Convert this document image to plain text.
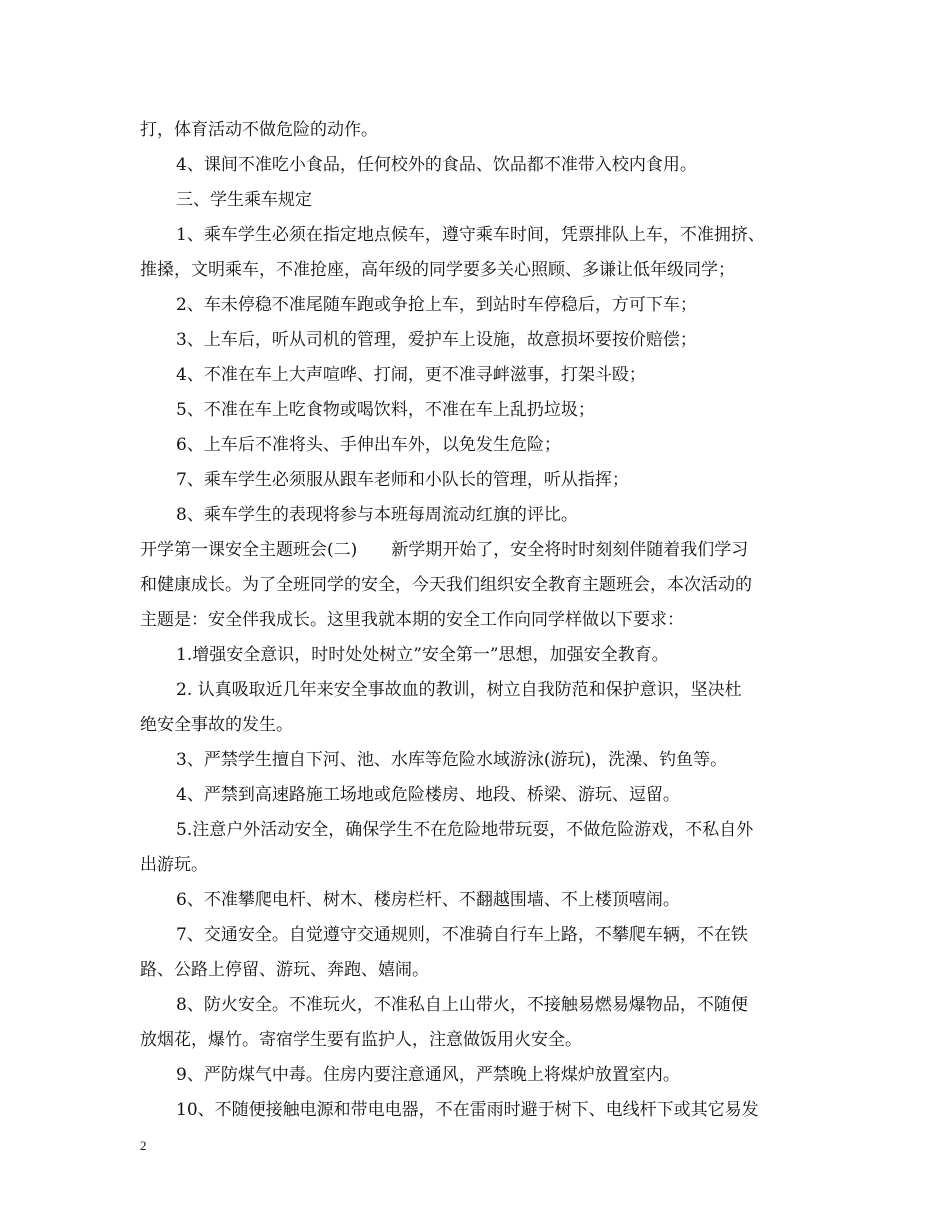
打，体育活动不做危险的动作。
4、课间不准吃小食品，任何校外的食品、饮品都不准带入校内食用。
三、学生乘车规定
1、乘车学生必须在指定地点候车，遵守乘车时间，凭票排队上车，不准拥挤、
推搡，文明乘车，不准抢座，高年级的同学要多关心照顾、多谦让低年级同学；
2、车未停稳不准尾随车跑或争抢上车，到站时车停稳后，方可下车；
3、上车后，听从司机的管理，爱护车上设施，故意损坏要按价赔偿；
4、不准在车上大声喧哗、打闹，更不准寻衅滋事，打架斗殴；
5、不准在车上吃食物或喝饮料，不准在车上乱扔垃圾；
6、上车后不准将头、手伸出车外，以免发生危险；
7、乘车学生必须服从跟车老师和小队长的管理，听从指挥；
8、乘车学生的表现将参与本班每周流动红旗的评比。
开学第一课安全主题班会(二)　　新学期开始了，安全将时时刻刻伴随着我们学习
和健康成长。为了全班同学的安全，今天我们组织安全教育主题班会，本次活动的
主题是：安全伴我成长。这里我就本期的安全工作向同学样做以下要求：
1.增强安全意识，时时处处树立”安全第一”思想，加强安全教育。
2. 认真吸取近几年来安全事故血的教训，树立自我防范和保护意识，坚决杜
绝安全事故的发生。
3、严禁学生擅自下河、池、水库等危险水域游泳(游玩)，洗澡、钓鱼等。
4、严禁到高速路施工场地或危险楼房、地段、桥梁、游玩、逗留。
5.注意户外活动安全，确保学生不在危险地带玩耍，不做危险游戏，不私自外
出游玩。
6、不准攀爬电杆、树木、楼房栏杆、不翻越围墙、不上楼顶嘻闹。
7、交通安全。自觉遵守交通规则，不准骑自行车上路，不攀爬车辆，不在铁
路、公路上停留、游玩、奔跑、嬉闹。
8、防火安全。不准玩火，不准私自上山带火，不接触易燃易爆物品，不随便
放烟花，爆竹。寄宿学生要有监护人，注意做饭用火安全。
9、严防煤气中毒。住房内要注意通风，严禁晚上将煤炉放置室内。
10、不随便接触电源和带电电器，不在雷雨时避于树下、电线杆下或其它易发
2
